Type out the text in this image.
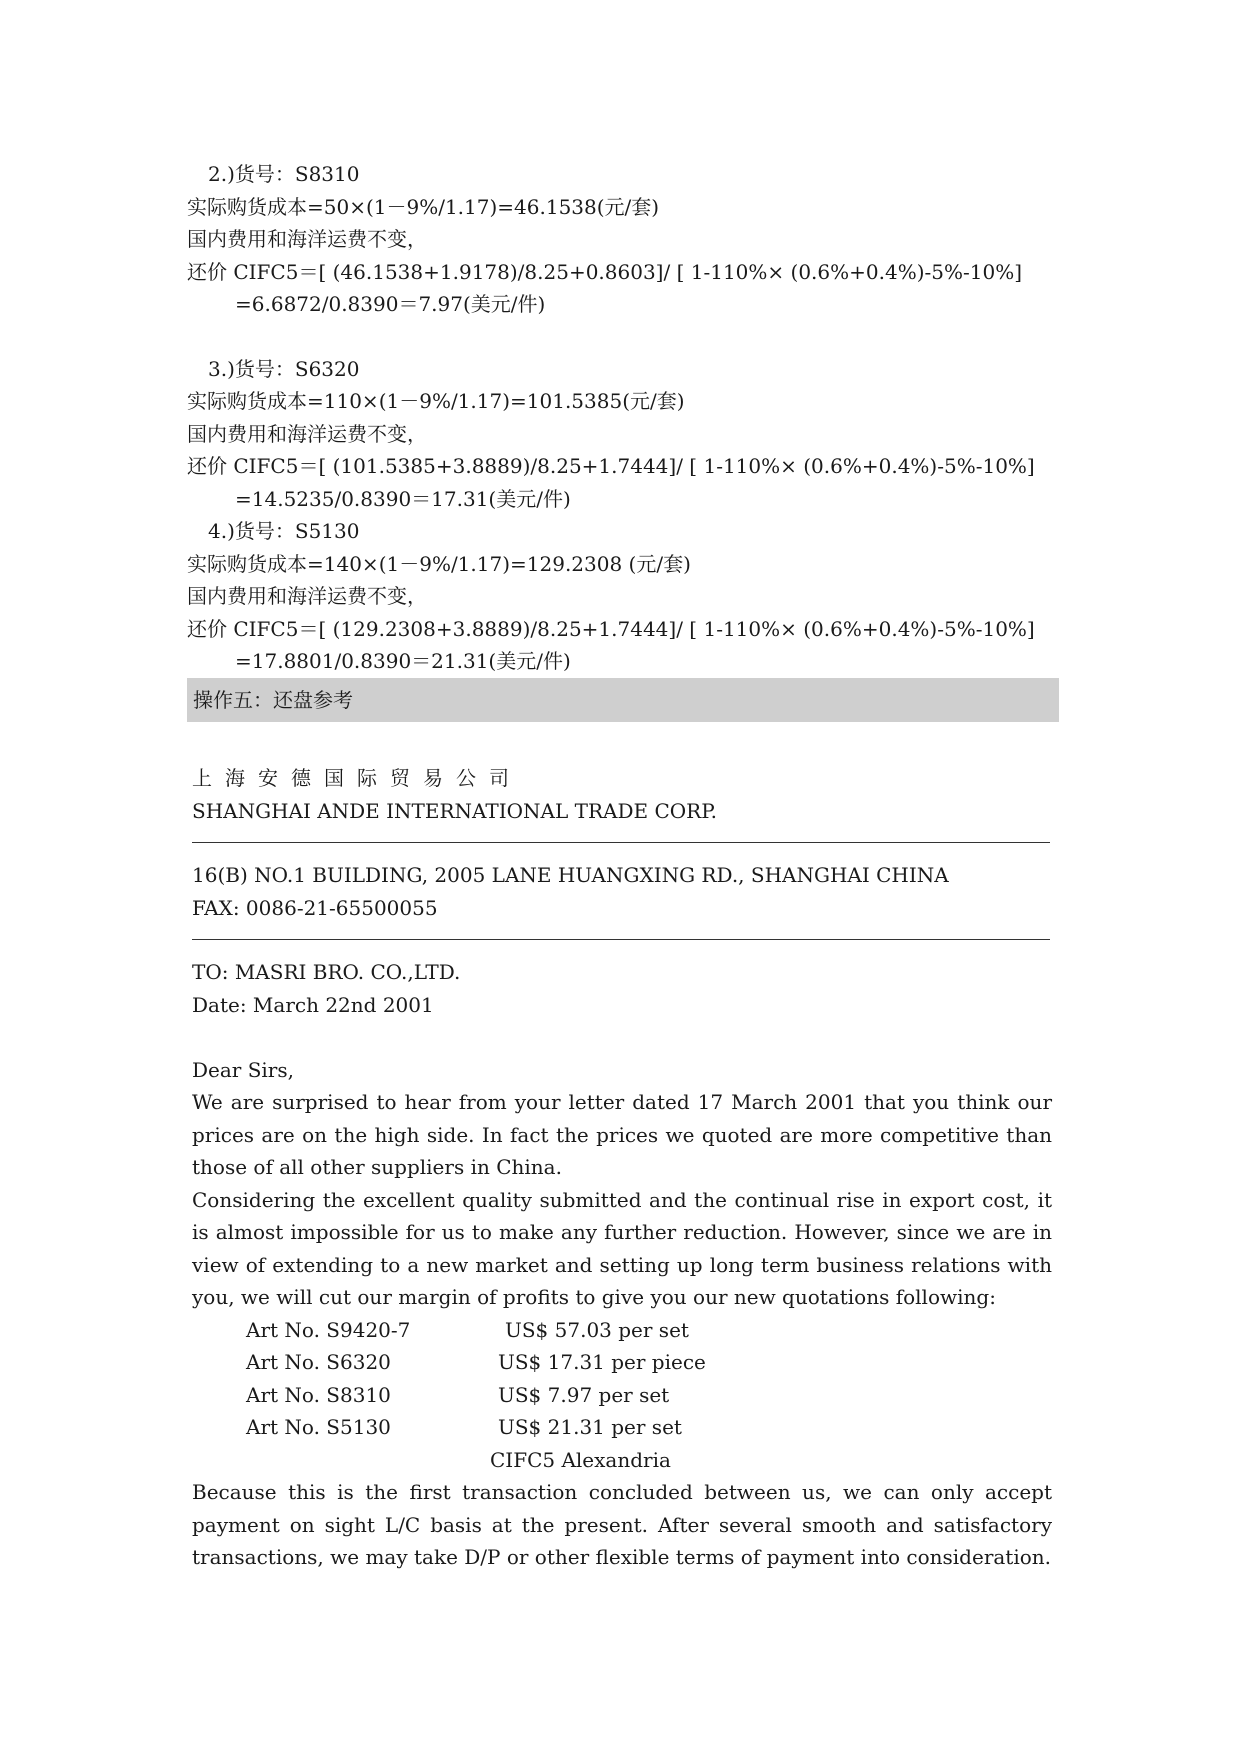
2.)货号：S8310
实际购货成本=50×(1－9%/1.17)=46.1538(元/套)
国内费用和海洋运费不变，
还价 CIFC5＝[ (46.1538+1.9178)/8.25+0.8603]/ [ 1-110%× (0.6%+0.4%)-5%-10%]
=6.6872/0.8390＝7.97(美元/件)
3.)货号：S6320
实际购货成本=110×(1－9%/1.17)=101.5385(元/套)
国内费用和海洋运费不变，
还价 CIFC5＝[ (101.5385+3.8889)/8.25+1.7444]/ [ 1-110%× (0.6%+0.4%)-5%-10%]
=14.5235/0.8390＝17.31(美元/件)
4.)货号：S5130
实际购货成本=140×(1－9%/1.17)=129.2308 (元/套)
国内费用和海洋运费不变，
还价 CIFC5＝[ (129.2308+3.8889)/8.25+1.7444]/ [ 1-110%× (0.6%+0.4%)-5%-10%]
=17.8801/0.8390＝21.31(美元/件)
操作五：还盘参考
上海安德国际贸易公司
SHANGHAI ANDE INTERNATIONAL TRADE CORP.
16(B) NO.1 BUILDING, 2005 LANE HUANGXING RD., SHANGHAI CHINA
FAX: 0086-21-65500055
TO: MASRI BRO. CO.,LTD.
Date: March 22nd 2001
Dear Sirs,
We are surprised to hear from your letter dated 17 March 2001 that you think our prices are on the high side. In fact the prices we quoted are more competitive than those of all other suppliers in China.
Considering the excellent quality submitted and the continual rise in export cost, it is almost impossible for us to make any further reduction. However, since we are in view of extending to a new market and setting up long term business relations with you, we will cut our margin of profits to give you our new quotations following:
Art No. S9420-7	US$ 57.03 per set
Art No. S6320	US$ 17.31 per piece
Art No. S8310	US$ 7.97 per set
Art No. S5130	US$ 21.31 per set
CIFC5 Alexandria
Because this is the first transaction concluded between us, we can only accept payment on sight L/C basis at the present. After several smooth and satisfactory transactions, we may take D/P or other flexible terms of payment into consideration.
